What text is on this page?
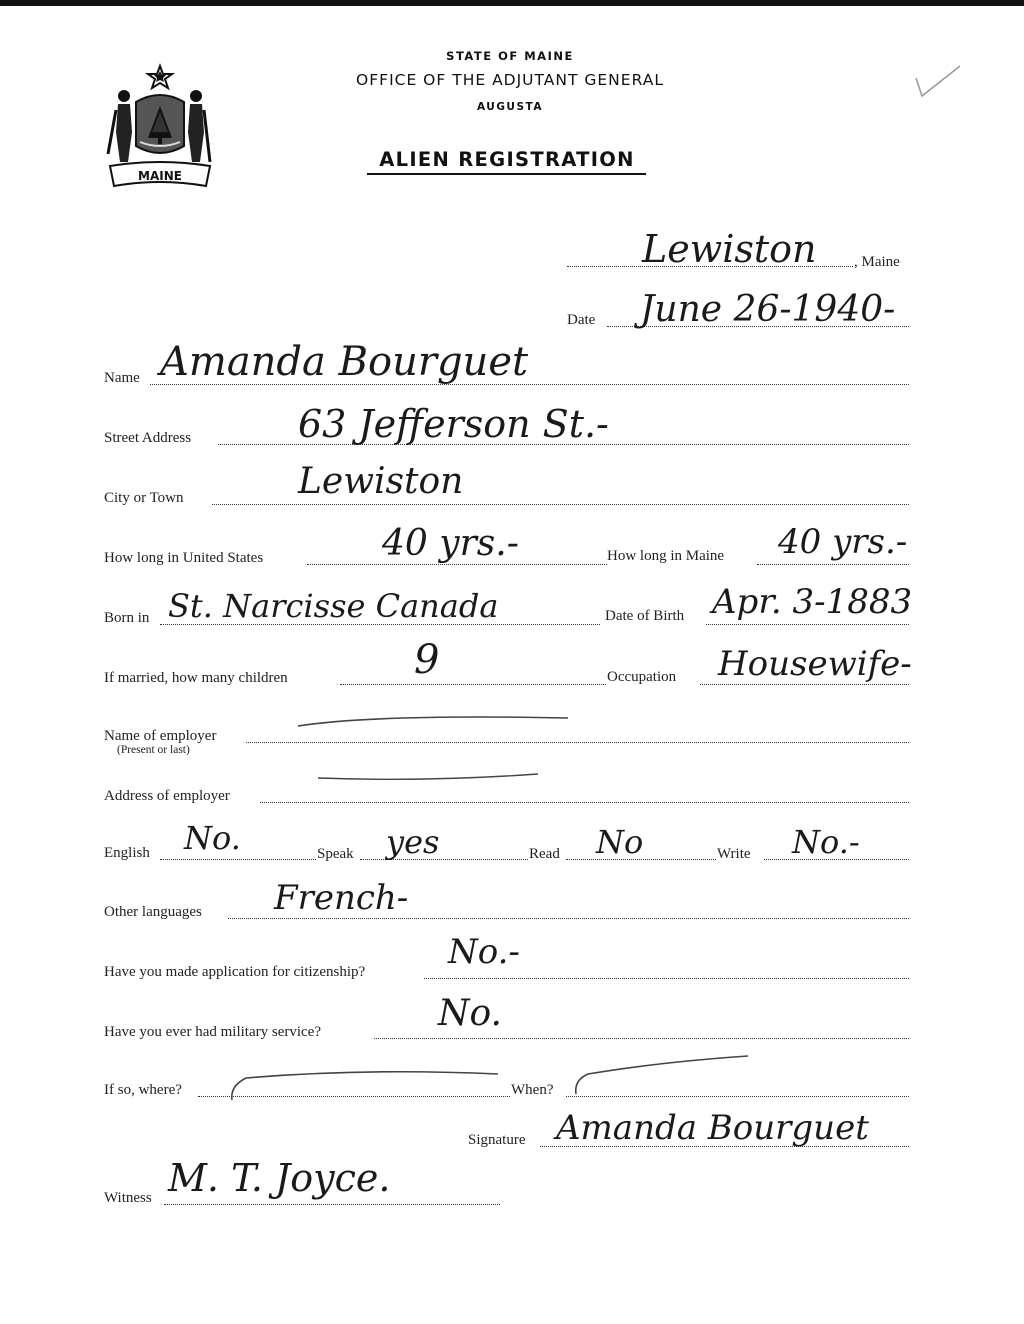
MAINE
STATE OF MAINE
OFFICE OF THE ADJUTANT GENERAL
AUGUSTA
ALIEN REGISTRATION
Lewiston , Maine
Date June 26-1940-
Name Amanda Bourguet
Street Address	63 Jefferson St.-
City or Town	Lewiston
How long in United States	40 yrs.-	How long in Maine 40 yrs.-
Born in St. Narcisse Canada	Date of Birth Apr. 3-1883
If married, how many children	9	Occupation Housewife-
Name of employer
(Present or last)
Address of employer
English No.	Speak yes	Read No	Write No.-
Other languages French-
Have you made application for citizenship? No.-
Have you ever had military service?	No.
If so, where?	When?
Signature Amanda Bourguet
Witness M. T. Joyce.
